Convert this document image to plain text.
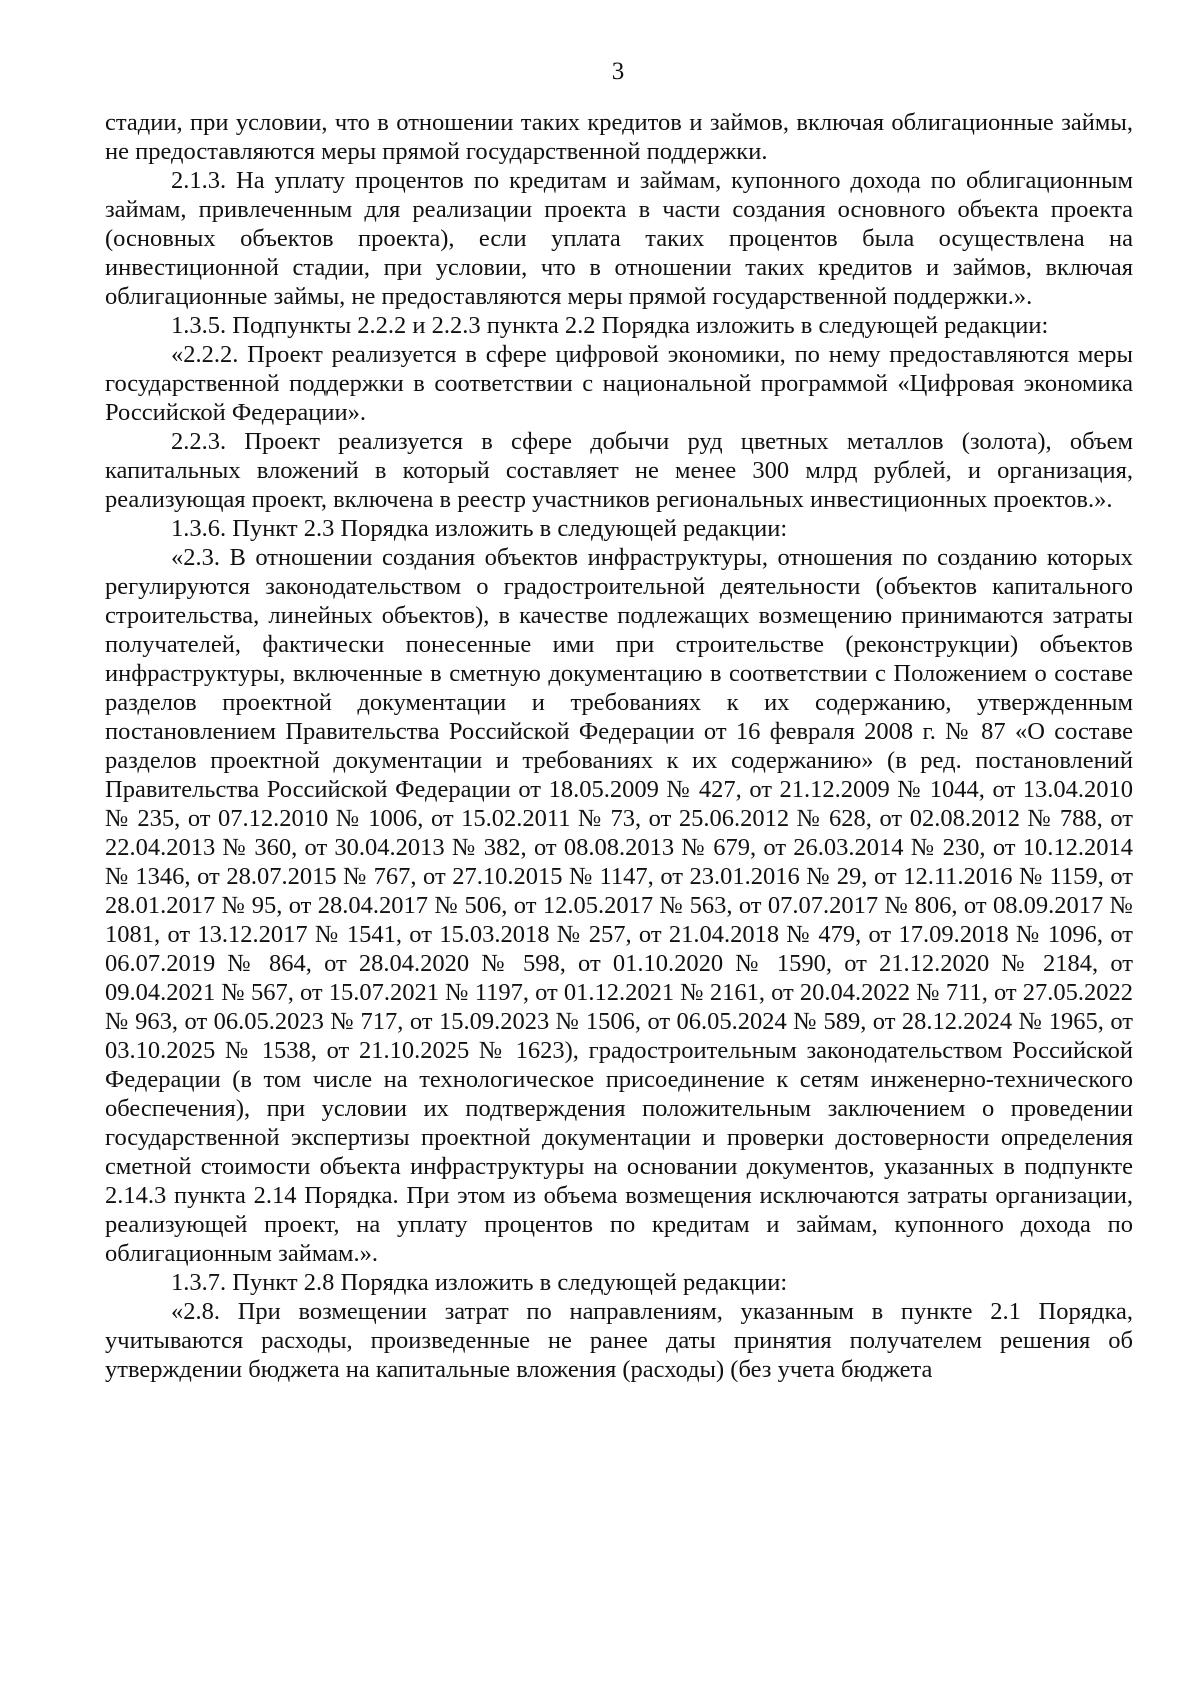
3

стадии, при условии, что в отношении таких кредитов и займов, включая облигационные займы, не предоставляются меры прямой государственной поддержки.

2.1.3. На уплату процентов по кредитам и займам, купонного дохода по облигационным займам, привлеченным для реализации проекта в части создания основного объекта проекта (основных объектов проекта), если уплата таких процентов была осуществлена на инвестиционной стадии, при условии, что в отношении таких кредитов и займов, включая облигационные займы, не предоставляются меры прямой государственной поддержки.».

1.3.5. Подпункты 2.2.2 и 2.2.3 пункта 2.2 Порядка изложить в следующей редакции:

«2.2.2. Проект реализуется в сфере цифровой экономики, по нему предоставляются меры государственной поддержки в соответствии с национальной программой «Цифровая экономика Российской Федерации».

2.2.3. Проект реализуется в сфере добычи руд цветных металлов (золота), объем капитальных вложений в который составляет не менее 300 млрд рублей, и организация, реализующая проект, включена в реестр участников региональных инвестиционных проектов.».

1.3.6. Пункт 2.3 Порядка изложить в следующей редакции:

«2.3. В отношении создания объектов инфраструктуры, отношения по созданию которых регулируются законодательством о градостроительной деятельности (объектов капитального строительства, линейных объектов), в качестве подлежащих возмещению принимаются затраты получателей, фактически понесенные ими при строительстве (реконструкции) объектов инфраструктуры, включенные в сметную документацию в соответствии с Положением о составе разделов проектной документации и требованиях к их содержанию, утвержденным постановлением Правительства Российской Федерации от 16 февраля 2008 г. № 87 «О составе разделов проектной документации и требованиях к их содержанию» (в ред. постановлений Правительства Российской Федерации от 18.05.2009 № 427, от 21.12.2009 № 1044, от 13.04.2010 № 235, от 07.12.2010 № 1006, от 15.02.2011 № 73, от 25.06.2012 № 628, от 02.08.2012 № 788, от 22.04.2013 № 360, от 30.04.2013 № 382, от 08.08.2013 № 679, от 26.03.2014 № 230, от 10.12.2014 № 1346, от 28.07.2015 № 767, от 27.10.2015 № 1147, от 23.01.2016 № 29, от 12.11.2016 № 1159, от 28.01.2017 № 95, от 28.04.2017 № 506, от 12.05.2017 № 563, от 07.07.2017 № 806, от 08.09.2017 № 1081, от 13.12.2017 № 1541, от 15.03.2018 № 257, от 21.04.2018 № 479, от 17.09.2018 № 1096, от 06.07.2019 № 864, от 28.04.2020 № 598, от 01.10.2020 № 1590, от 21.12.2020 № 2184, от 09.04.2021 № 567, от 15.07.2021 № 1197, от 01.12.2021 № 2161, от 20.04.2022 № 711, от 27.05.2022 № 963, от 06.05.2023 № 717, от 15.09.2023 № 1506, от 06.05.2024 № 589, от 28.12.2024 № 1965, от 03.10.2025 № 1538, от 21.10.2025 № 1623), градостроительным законодательством Российской Федерации (в том числе на технологическое присоединение к сетям инженерно-технического обеспечения), при условии их подтверждения положительным заключением о проведении государственной экспертизы проектной документации и проверки достоверности определения сметной стоимости объекта инфраструктуры на основании документов, указанных в подпункте 2.14.3 пункта 2.14 Порядка. При этом из объема возмещения исключаются затраты организации, реализующей проект, на уплату процентов по кредитам и займам, купонного дохода по облигационным займам.».

1.3.7. Пункт 2.8 Порядка изложить в следующей редакции:

«2.8. При возмещении затрат по направлениям, указанным в пункте 2.1 Порядка, учитываются расходы, произведенные не ранее даты принятия получателем решения об утверждении бюджета на капитальные вложения (расходы) (без учета бюджета
